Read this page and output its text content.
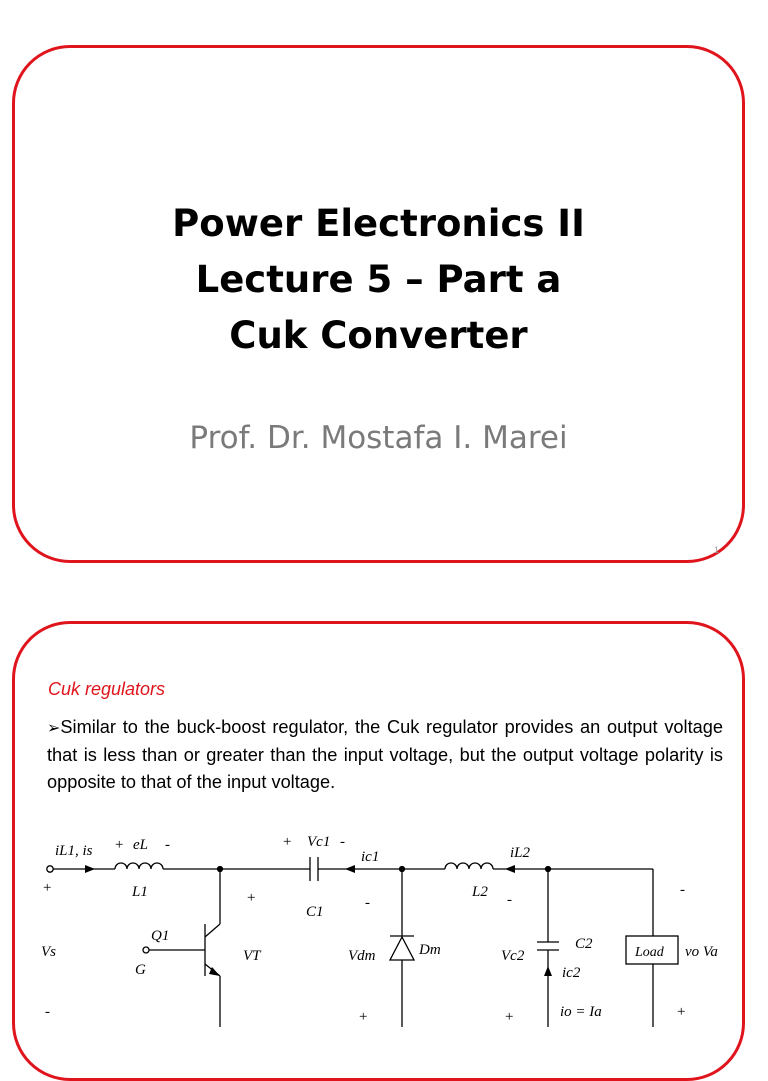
Power Electronics II
Lecture 5 – Part a
Cuk Converter
Prof. Dr. Mostafa I. Marei
1
Cuk regulators
➢Similar to the buck-boost regulator, the Cuk regulator provides an output voltage that is less than or greater than the input voltage, but the output voltage polarity is opposite to that of the input voltage.
iL1, is + eL -
L1
+
Vs
-
Q1
G
+
VT
+ Vc1 -
ic1
C1
-
Vdm
+
Dm
L2
iL2
-
Vc2
+
C2
ic2
io = Ia
Load vo Va
-
+
